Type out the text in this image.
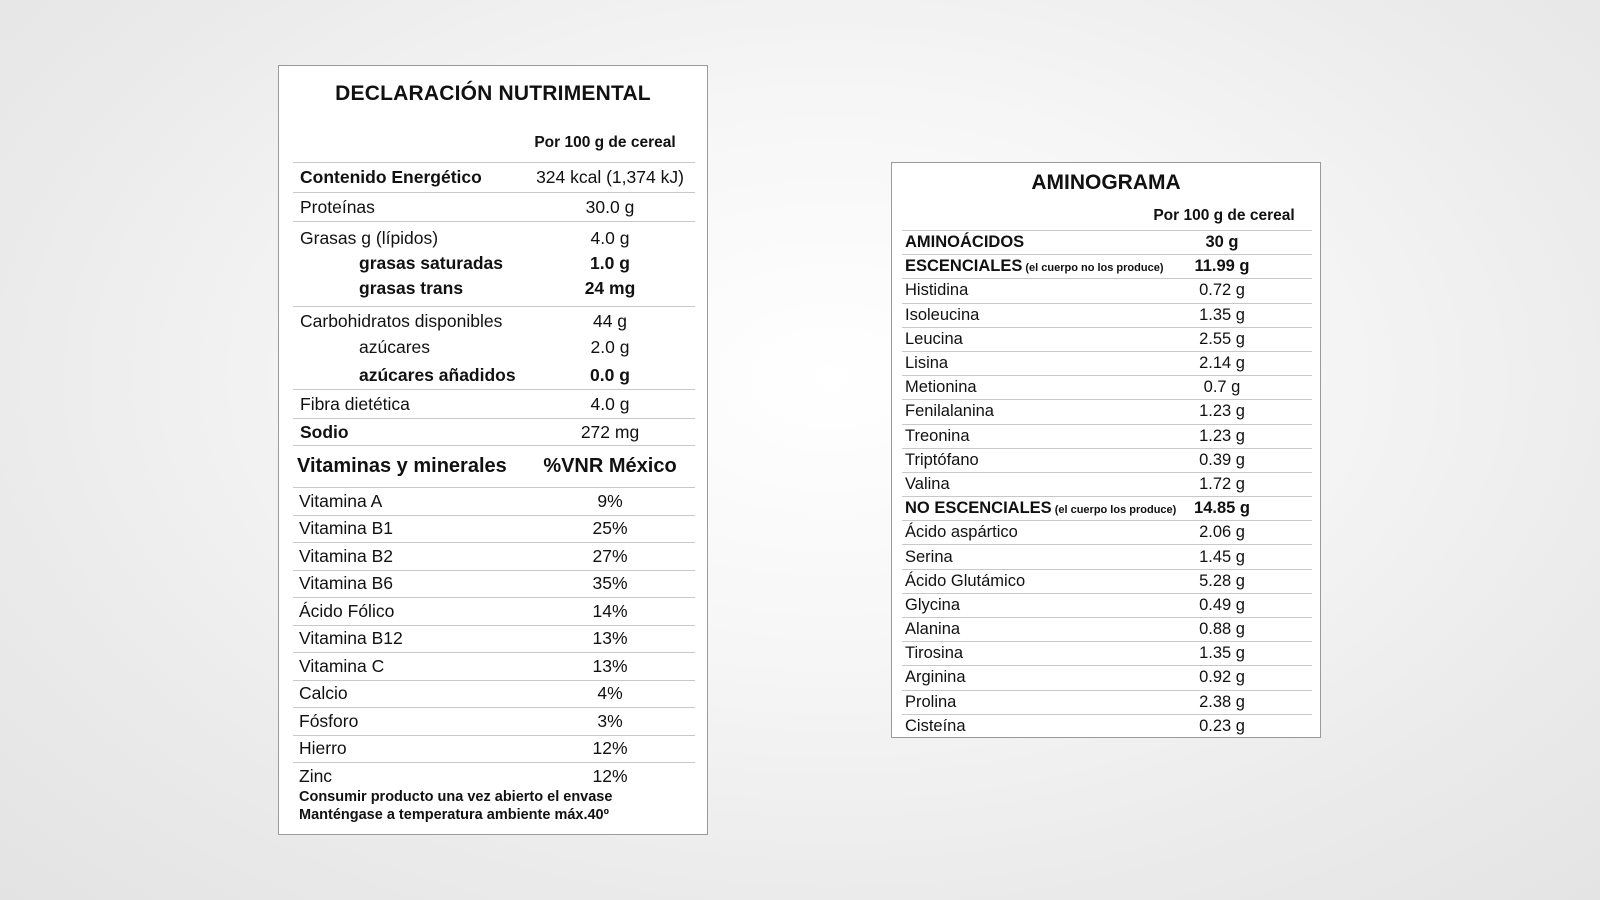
DECLARACIÓN NUTRIMENTAL
Por 100 g de cereal
Contenido Energético	324 kcal (1,374 kJ)
Proteínas	30.0 g
Grasas g (lípidos)	4.0 g
grasas saturadas	1.0 g
grasas trans	24 mg
Carbohidratos disponibles	44 g
azúcares	2.0 g
azúcares añadidos	0.0 g
Fibra dietética	4.0 g
Sodio	272 mg
Vitaminas y minerales	%VNR México
Vitamina A	9%
Vitamina B1	25%
Vitamina B2	27%
Vitamina B6	35%
Ácido Fólico	14%
Vitamina B12	13%
Vitamina C	13%
Calcio	4%
Fósforo	3%
Hierro	12%
Zinc	12%
Consumir producto una vez abierto el envase
Manténgase a temperatura ambiente máx.40º
AMINOGRAMA
Por 100 g de cereal
AMINOÁCIDOS	30 g
ESCENCIALES (el cuerpo no los produce)	11.99 g
Histidina	0.72 g
Isoleucina	1.35 g
Leucina	2.55 g
Lisina	2.14 g
Metionina	0.7 g
Fenilalanina	1.23 g
Treonina	1.23 g
Triptófano	0.39 g
Valina	1.72 g
NO ESCENCIALES (el cuerpo los produce)	14.85 g
Ácido aspártico	2.06 g
Serina	1.45 g
Ácido Glutámico	5.28 g
Glycina	0.49 g
Alanina	0.88 g
Tirosina	1.35 g
Arginina	0.92 g
Prolina	2.38 g
Cisteína	0.23 g
